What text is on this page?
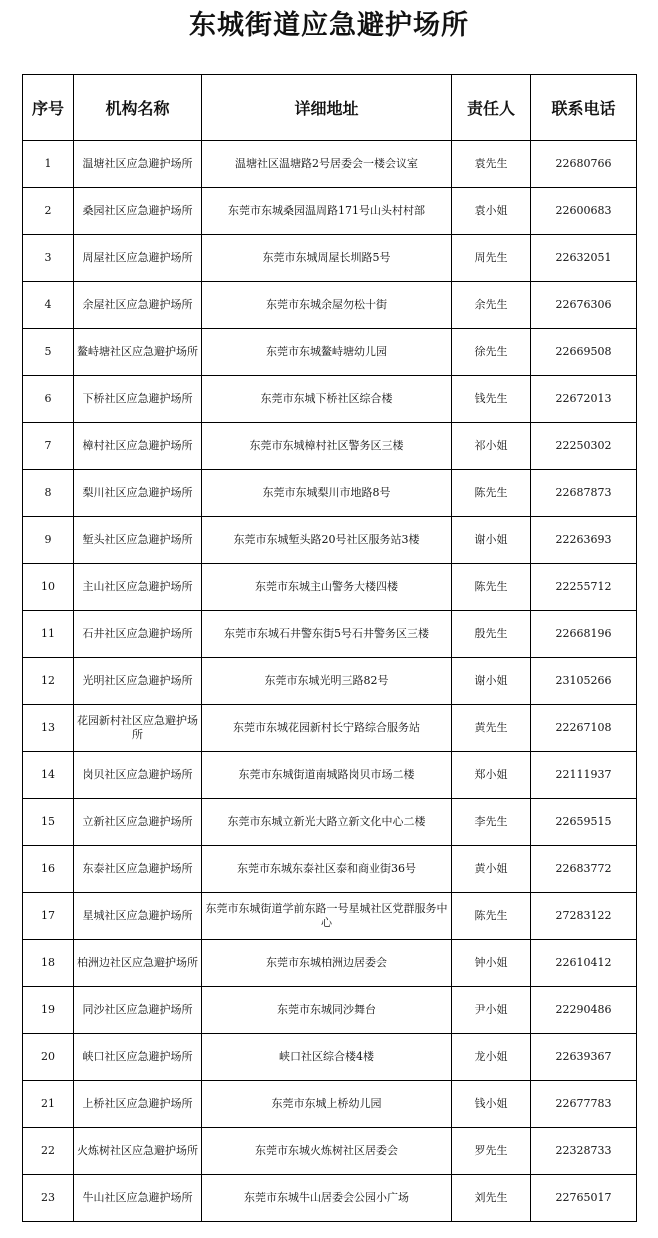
东城街道应急避护场所
序号	机构名称	详细地址	责任人	联系电话
1	温塘社区应急避护场所	温塘社区温塘路2号居委会一楼会议室	袁先生	22680766
2	桑园社区应急避护场所	东莞市东城桑园温周路171号山头村村部	袁小姐	22600683
3	周屋社区应急避护场所	东莞市东城周屋长圳路5号	周先生	22632051
4	余屋社区应急避护场所	东莞市东城余屋勿松十街	余先生	22676306
5	鳌峙塘社区应急避护场所	东莞市东城鳌峙塘幼儿园	徐先生	22669508
6	下桥社区应急避护场所	东莞市东城下桥社区综合楼	钱先生	22672013
7	樟村社区应急避护场所	东莞市东城樟村社区警务区三楼	祁小姐	22250302
8	梨川社区应急避护场所	东莞市东城梨川市地路8号	陈先生	22687873
9	堑头社区应急避护场所	东莞市东城堑头路20号社区服务站3楼	谢小姐	22263693
10	主山社区应急避护场所	东莞市东城主山警务大楼四楼	陈先生	22255712
11	石井社区应急避护场所	东莞市东城石井警东街5号石井警务区三楼	殷先生	22668196
12	光明社区应急避护场所	东莞市东城光明三路82号	谢小姐	23105266
13	花园新村社区应急避护场所	东莞市东城花园新村长宁路综合服务站	黄先生	22267108
14	岗贝社区应急避护场所	东莞市东城街道南城路岗贝市场二楼	郑小姐	22111937
15	立新社区应急避护场所	东莞市东城立新光大路立新文化中心二楼	李先生	22659515
16	东泰社区应急避护场所	东莞市东城东泰社区泰和商业街36号	黄小姐	22683772
17	星城社区应急避护场所	东莞市东城街道学前东路一号星城社区党群服务中心	陈先生	27283122
18	柏洲边社区应急避护场所	东莞市东城柏洲边居委会	钟小姐	22610412
19	同沙社区应急避护场所	东莞市东城同沙舞台	尹小姐	22290486
20	峡口社区应急避护场所	峡口社区综合楼4楼	龙小姐	22639367
21	上桥社区应急避护场所	东莞市东城上桥幼儿园	钱小姐	22677783
22	火炼树社区应急避护场所	东莞市东城火炼树社区居委会	罗先生	22328733
23	牛山社区应急避护场所	东莞市东城牛山居委会公园小广场	刘先生	22765017
